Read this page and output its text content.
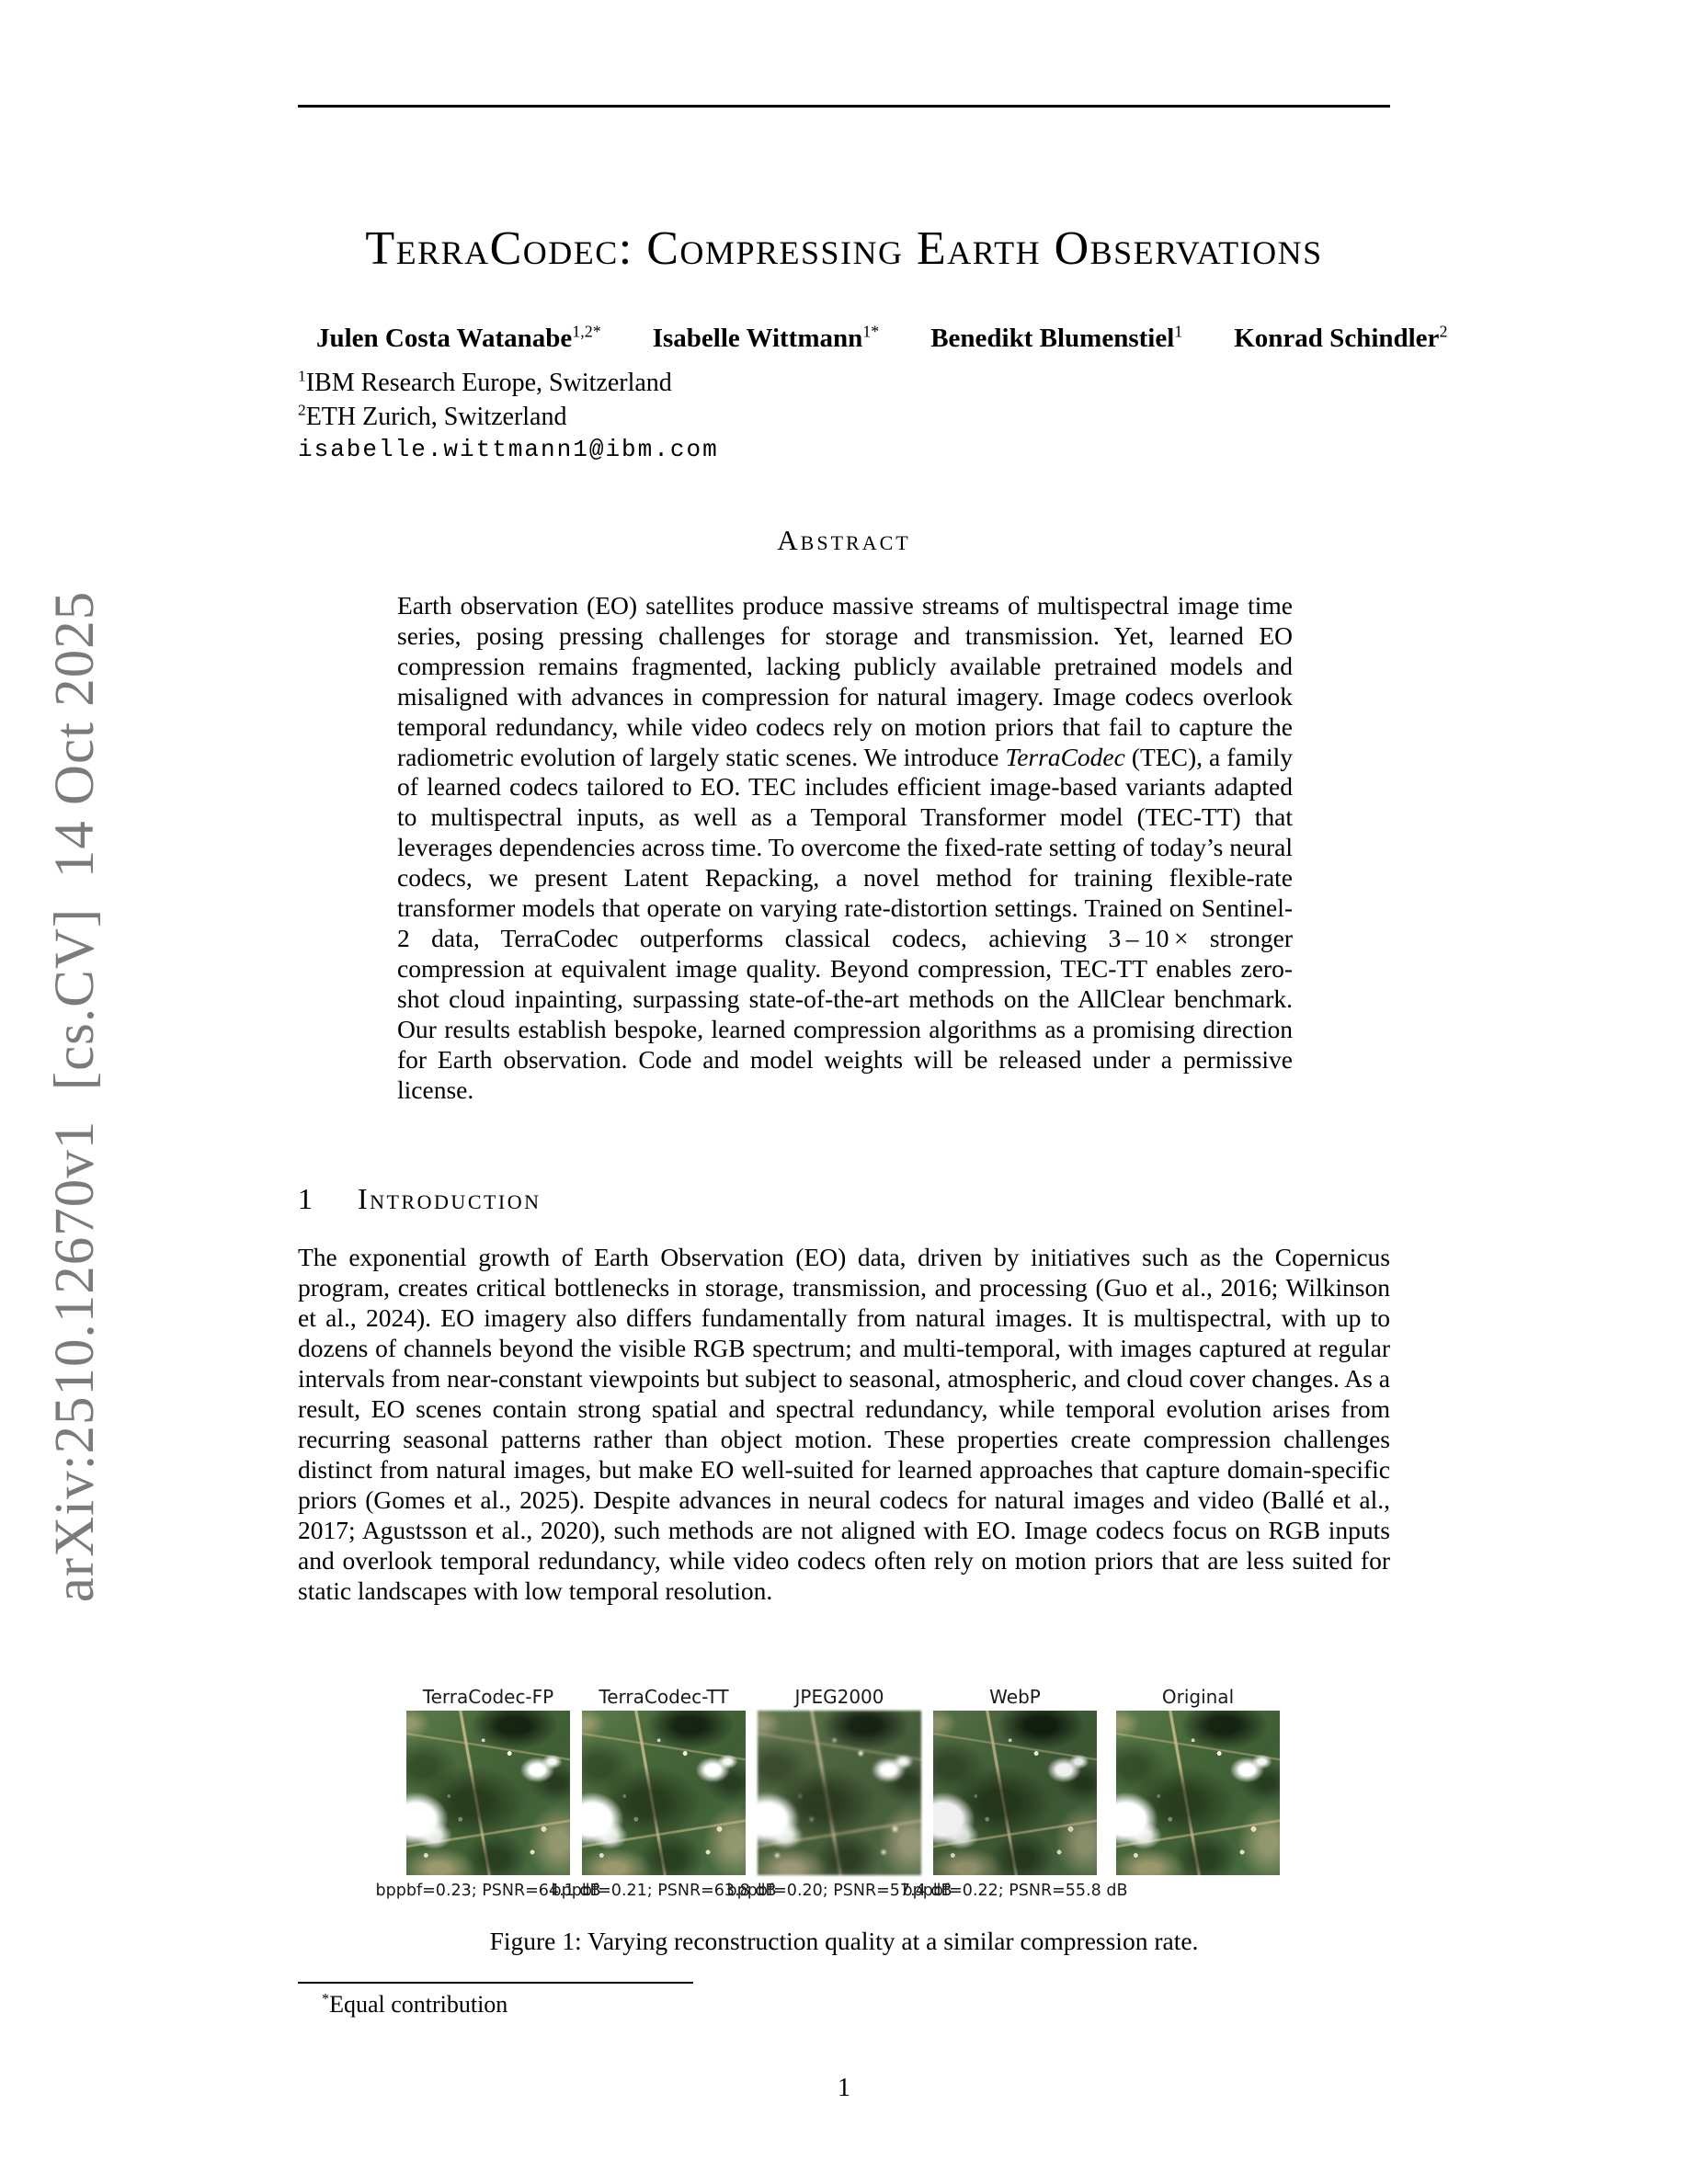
arXiv:2510.12670v1  [cs.CV]  14 Oct 2025
TerraCodec: Compressing Earth Observations
Julen Costa Watanabe$^{1,2*}$ Isabelle Wittmann$^{1*}$ Benedikt Blumenstiel$^1$ Konrad Schindler$^2$
$^1$IBM Research Europe, Switzerland
$^2$ETH Zurich, Switzerland
isabelle.wittmann1@ibm.com
Abstract

Earth observation (EO) satellites produce massive streams of multispectral image time series, posing pressing challenges for storage and transmission. Yet, learned EO compression remains fragmented, lacking publicly available pretrained models and misaligned with advances in compression for natural imagery. Image codecs overlook temporal redundancy, while video codecs rely on motion priors that fail to capture the radiometric evolution of largely static scenes. We introduce TerraCodec (TEC), a family of learned codecs tailored to EO. TEC includes efficient image-based variants adapted to multispectral inputs, as well as a Temporal Transformer model (TEC-TT) that leverages dependencies across time. To overcome the fixed-rate setting of today’s neural codecs, we present Latent Repacking, a novel method for training flexible-rate transformer models that operate on varying rate-distortion settings. Trained on Sentinel-2 data, TerraCodec outperforms classical codecs, achieving 3 – 10 × stronger compression at equivalent image quality. Beyond compression, TEC-TT enables zero-shot cloud inpainting, surpassing state-of-the-art methods on the AllClear benchmark. Our results establish bespoke, learned compression algorithms as a promising direction for Earth observation. Code and model weights will be released under a permissive license.

1 Introduction

The exponential growth of Earth Observation (EO) data, driven by initiatives such as the Copernicus program, creates critical bottlenecks in storage, transmission, and processing (Guo et al., 2016; Wilkinson et al., 2024). EO imagery also differs fundamentally from natural images. It is multispectral, with up to dozens of channels beyond the visible RGB spectrum; and multi-temporal, with images captured at regular intervals from near-constant viewpoints but subject to seasonal, atmospheric, and cloud cover changes. As a result, EO scenes contain strong spatial and spectral redundancy, while temporal evolution arises from recurring seasonal patterns rather than object motion. These properties create compression challenges distinct from natural images, but make EO well-suited for learned approaches that capture domain-specific priors (Gomes et al., 2025). Despite advances in neural codecs for natural images and video (Ballé et al., 2017; Agustsson et al., 2020), such methods are not aligned with EO. Image codecs focus on RGB inputs and overlook temporal redundancy, while video codecs often rely on motion priors that are less suited for static landscapes with low temporal resolution.

TerraCodec-FP
bppbf=0.23; PSNR=64.1 dB
TerraCodec-TT
bppbf=0.21; PSNR=63.8 dB
JPEG2000
bppbf=0.20; PSNR=57.4 dB
WebP
bppbf=0.22; PSNR=55.8 dB
Original
Figure 1: Varying reconstruction quality at a similar compression rate.
*Equal contribution
1
